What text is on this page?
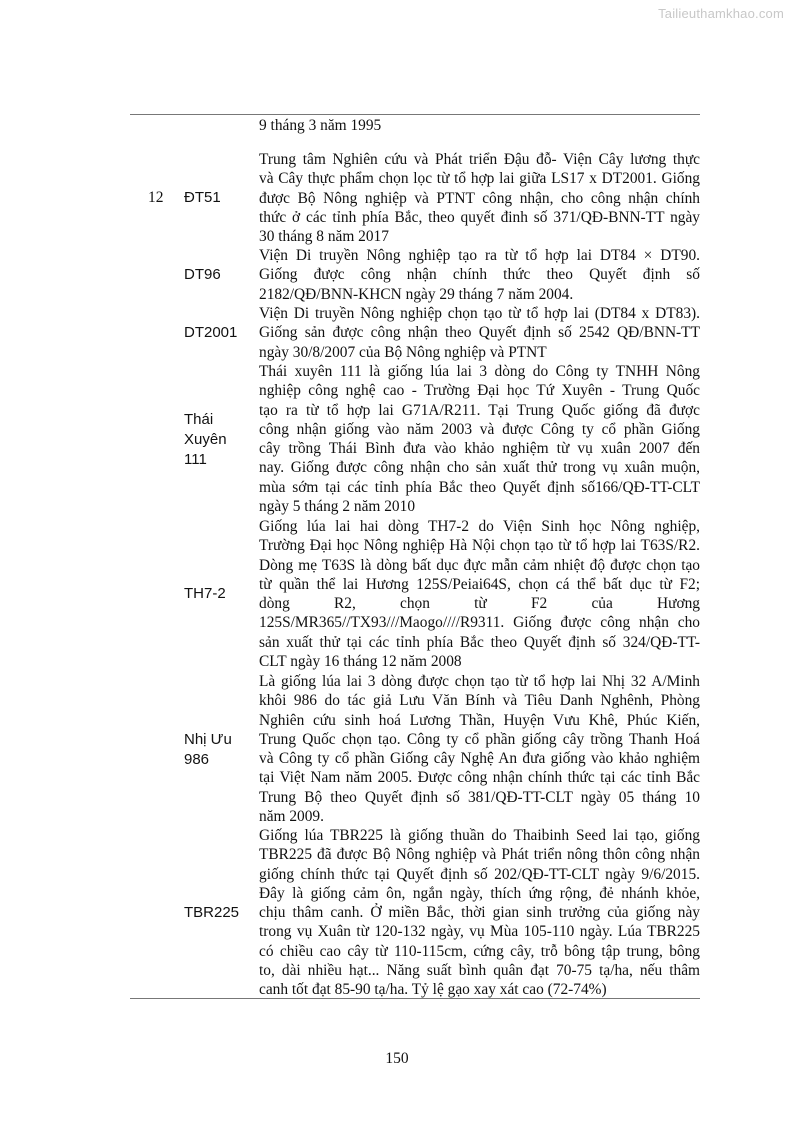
Tailieuthamkhao.com
9 tháng 3 năm 1995
12 ĐT51
Trung tâm Nghiên cứu và Phát triển Đậu đỗ- Viện Cây lương thực
và Cây thực phẩm chọn lọc từ tổ hợp lai giữa LS17 x DT2001. Giống
được Bộ Nông nghiệp và PTNT công nhận, cho công nhận chính
thức ở các tỉnh phía Bắc, theo quyết đinh số 371/QĐ-BNN-TT ngày
30 tháng 8 năm 2017
DT96
Viện Di truyền Nông nghiệp tạo ra từ tổ hợp lai DT84 × DT90.
Giống được công nhận chính thức theo Quyết định số
2182/QĐ/BNN-KHCN ngày 29 tháng 7 năm 2004.
DT2001
Viện Di truyền Nông nghiệp chọn tạo từ tổ hợp lai (DT84 x DT83).
Giống sản được công nhận theo Quyết định số 2542 QĐ/BNN-TT
ngày 30/8/2007 của Bộ Nông nghiệp và PTNT
Thái Xuyên 111
Thái xuyên 111 là giống lúa lai 3 dòng do Công ty TNHH Nông
nghiệp công nghệ cao - Trường Đại học Tứ Xuyên - Trung Quốc
tạo ra từ tổ hợp lai G71A/R211. Tại Trung Quốc giống đã được
công nhận giống vào năm 2003 và được Công ty cổ phần Giống
cây trồng Thái Bình đưa vào khảo nghiệm từ vụ xuân 2007 đến
nay. Giống được công nhận cho sản xuất thử trong vụ xuân muộn,
mùa sớm tại các tỉnh phía Bắc theo Quyết định số166/QĐ-TT-CLT
ngày 5 tháng 2 năm 2010
TH7-2
Giống lúa lai hai dòng TH7-2 do Viện Sinh học Nông nghiệp,
Trường Đại học Nông nghiệp Hà Nội chọn tạo từ tổ hợp lai T63S/R2.
Dòng mẹ T63S là dòng bất dục đực mẫn cảm nhiệt độ được chọn tạo
từ quần thể lai Hương 125S/Peiai64S, chọn cá thể bất dục từ F2;
dòng R2, chọn từ F2 của Hương
125S/MR365//TX93///Maogo////R9311. Giống được công nhận cho
sản xuất thử tại các tỉnh phía Bắc theo Quyết định số 324/QĐ-TT-
CLT ngày 16 tháng 12 năm 2008
Nhị Ưu 986
Là giống lúa lai 3 dòng được chọn tạo từ tổ hợp lai Nhị 32 A/Minh
khôi 986 do tác giả Lưu Văn Bính và Tiêu Danh Nghênh, Phòng
Nghiên cứu sinh hoá Lương Thần, Huyện Vưu Khê, Phúc Kiến,
Trung Quốc chọn tạo. Công ty cổ phần giống cây trồng Thanh Hoá
và Công ty cổ phần Giống cây Nghệ An đưa giống vào khảo nghiệm
tại Việt Nam năm 2005. Được công nhận chính thức tại các tỉnh Bắc
Trung Bộ theo Quyết định số 381/QĐ-TT-CLT ngày 05 tháng 10
năm 2009.
TBR225
Giống lúa TBR225 là giống thuần do Thaibinh Seed lai tạo, giống
TBR225 đã được Bộ Nông nghiệp và Phát triển nông thôn công nhận
giống chính thức tại Quyết định số 202/QĐ-TT-CLT ngày 9/6/2015.
Đây là giống cảm ôn, ngắn ngày, thích ứng rộng, đẻ nhánh khỏe,
chịu thâm canh. Ở miền Bắc, thời gian sinh trưởng của giống này
trong vụ Xuân từ 120-132 ngày, vụ Mùa 105-110 ngày. Lúa TBR225
có chiều cao cây từ 110-115cm, cứng cây, trỗ bông tập trung, bông
to, dài nhiều hạt... Năng suất bình quân đạt 70-75 tạ/ha, nếu thâm
canh tốt đạt 85-90 tạ/ha. Tỷ lệ gạo xay xát cao (72-74%)
150
